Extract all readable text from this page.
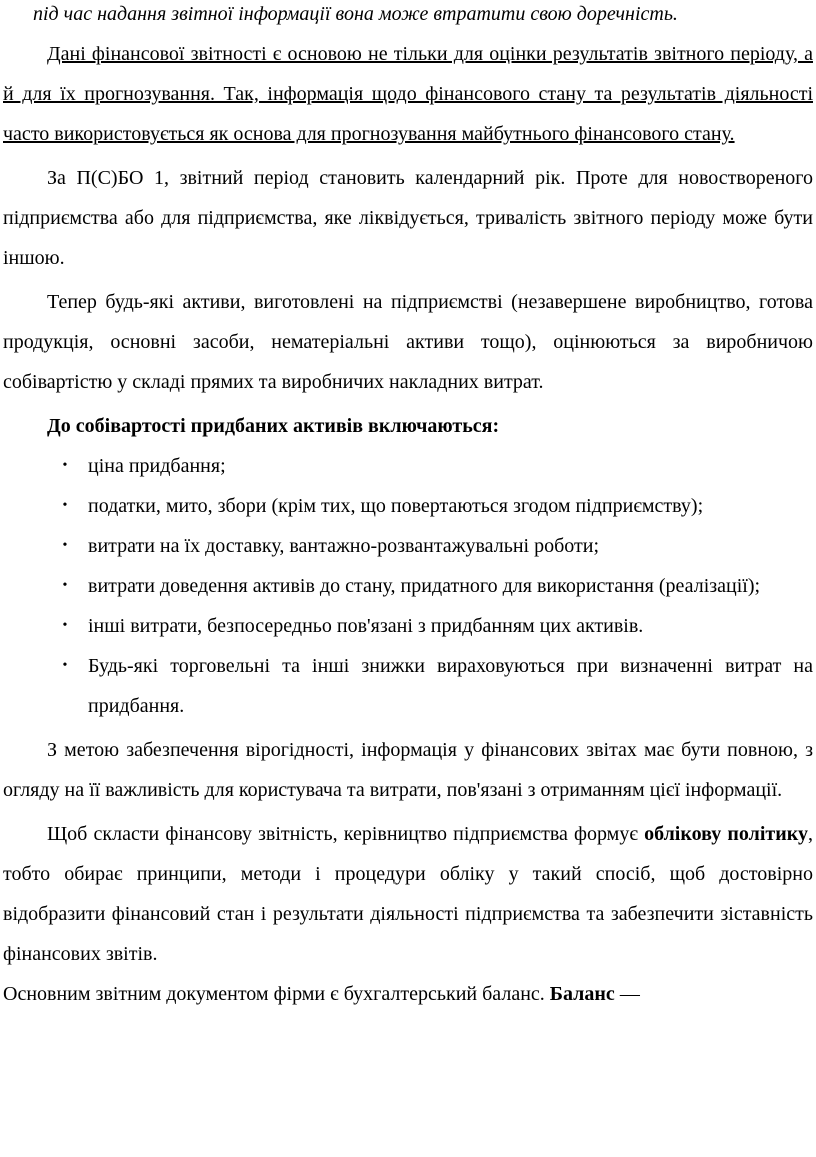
під час надання звітної інформації вона може втратити свою доречність.

Дані фінансової звітності є основою не тільки для оцінки результатів звітного періоду, а й для їх прогнозування. Так, інформація щодо фінансового стану та результатів діяльності часто використовується як основа для прогнозування майбутнього фінансового стану.

За П(С)БО 1, звітний період становить календарний рік. Проте для новоствореного підприємства або для підприємства, яке ліквідується, тривалість звітного періоду може бути іншою.

Тепер будь-які активи, виготовлені на підприємстві (незавершене виробництво, готова продукція, основні засоби, нематеріальні активи тощо), оцінюються за виробничою собівартістю у складі прямих та виробничих накладних витрат.

До собівартості придбаних активів включаються:

• ціна придбання;
• податки, мито, збори (крім тих, що повертаються згодом підприємству);
• витрати на їх доставку, вантажно-розвантажувальні роботи;
• витрати доведення активів до стану, придатного для використання (реалізації);
• інші витрати, безпосередньо пов'язані з придбанням цих активів.
• Будь-які торговельні та інші знижки вираховуються при визначенні витрат на придбання.

З метою забезпечення вірогідності, інформація у фінансових звітах має бути повною, з огляду на її важливість для користувача та витрати, пов'язані з отриманням цієї інформації.

Щоб скласти фінансову звітність, керівництво підприємства формує облікову політику, тобто обирає принципи, методи і процедури обліку у такий спосіб, щоб достовірно відобразити фінансовий стан і результати діяльності підприємства та забезпечити зіставність фінансових звітів.

Основним звітним документом фірми є бухгалтерський баланс. Баланс —
